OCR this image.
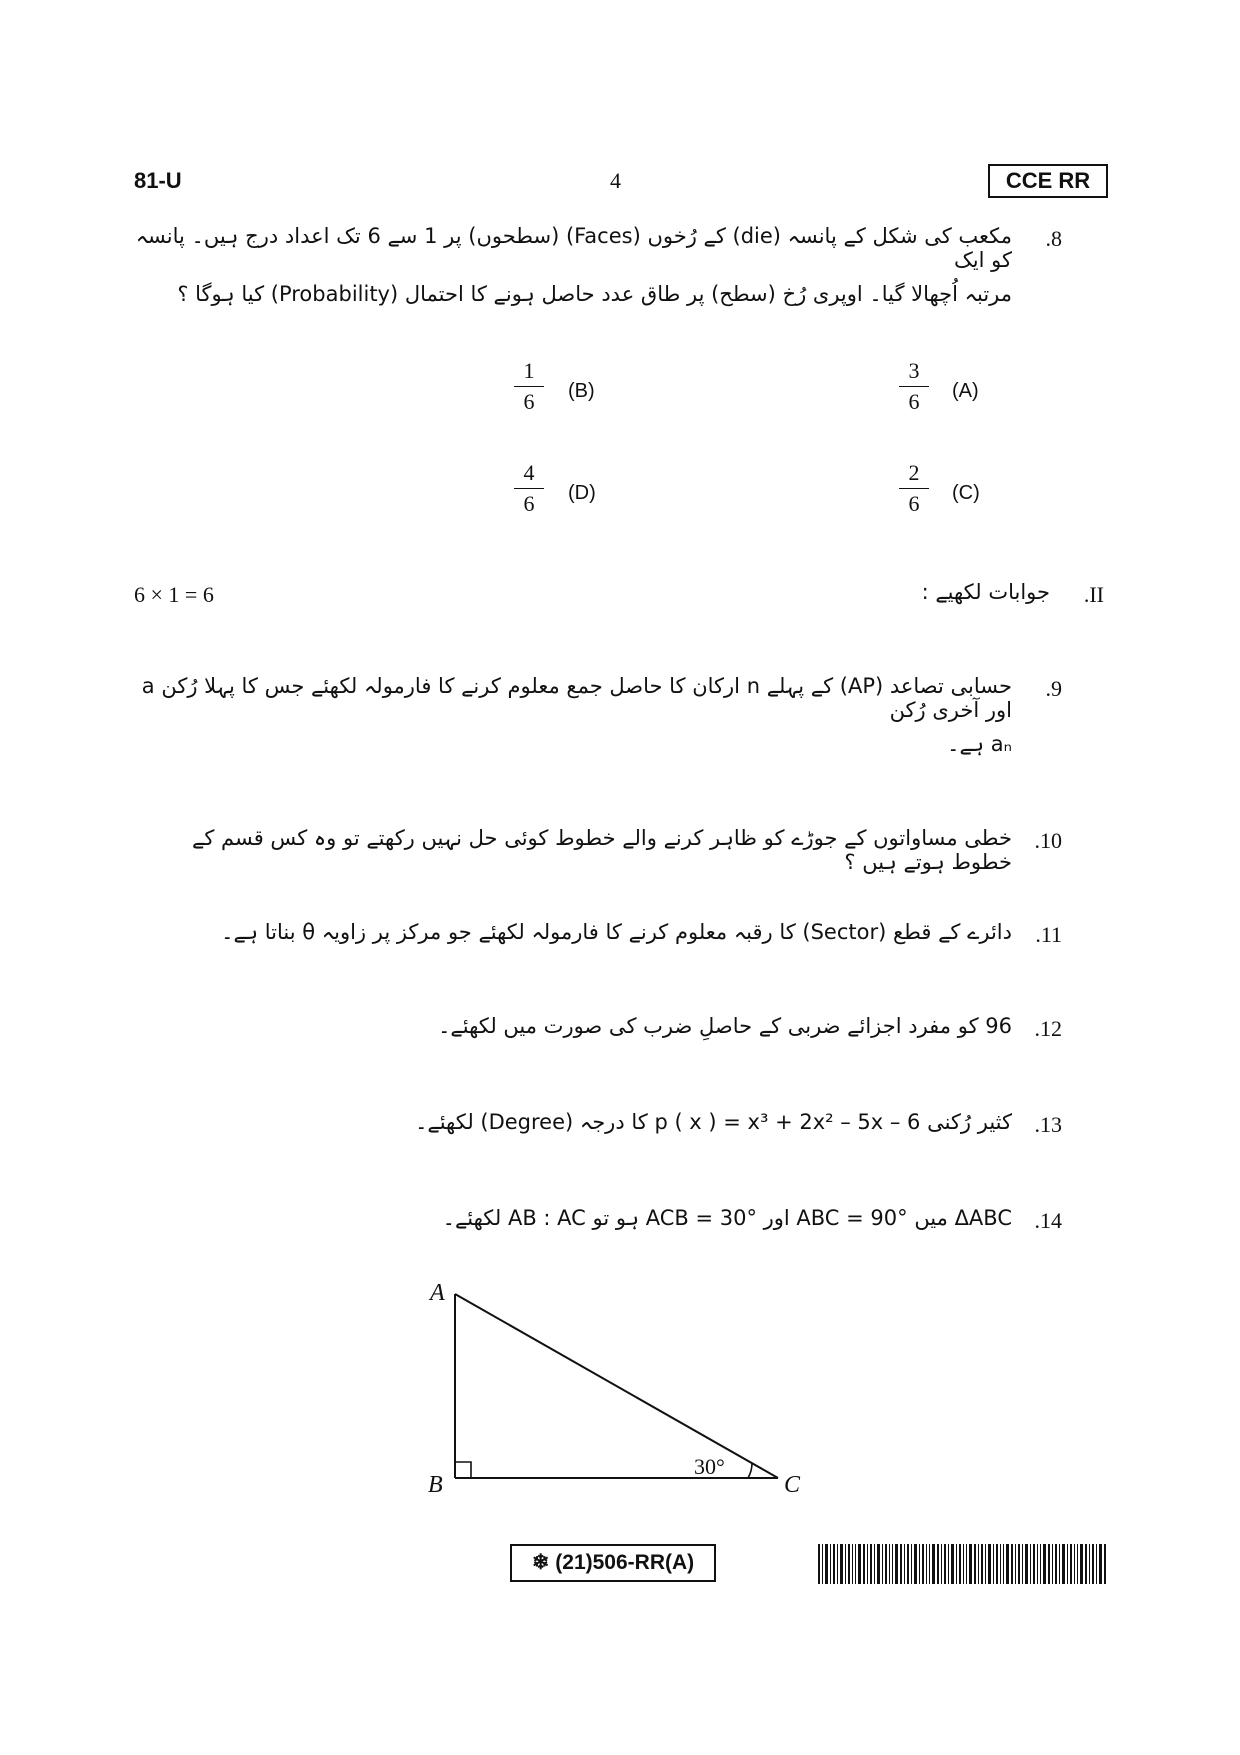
81-U	4	CCE RR
.8
مکعب کی شکل کے پانسہ (die) کے رُخوں (Faces) (سطحوں) پر 1 سے 6 تک اعداد درج ہیں۔ پانسہ کو ایک
مرتبہ اُچھالا گیا۔ اوپری رُخ (سطح) پر طاق عدد حاصل ہونے کا احتمال (Probability) کیا ہوگا ؟
3
6	(A)
1
6	(B)
2
6	(C)
4
6	(D)
.II
جوابات لکھیے :
6 × 1 = 6
.9
حسابی تصاعد (AP) کے پہلے n ارکان کا حاصل جمع معلوم کرنے کا فارمولہ لکھئے جس کا پہلا رُکن a اور آخری رُکن
aₙ ہے۔
.10
خطی مساواتوں کے جوڑے کو ظاہر کرنے والے خطوط کوئی حل نہیں رکھتے تو وہ کس قسم کے خطوط ہوتے ہیں ؟
.11
دائرے کے قطع (Sector) کا رقبہ معلوم کرنے کا فارمولہ لکھئے جو مرکز پر زاویہ θ بناتا ہے۔
.12
96 کو مفرد اجزائے ضربی کے حاصلِ ضرب کی صورت میں لکھئے۔
.13
کثیر رُکنی p ( x ) = x³ + 2x² – 5x – 6 کا درجہ (Degree) لکھئے۔
.14
ΔABC میں ABC = 90° اور ACB = 30° ہو تو AB : AC لکھئے۔
A
B	C
30°
❄ (21)506-RR(A)
